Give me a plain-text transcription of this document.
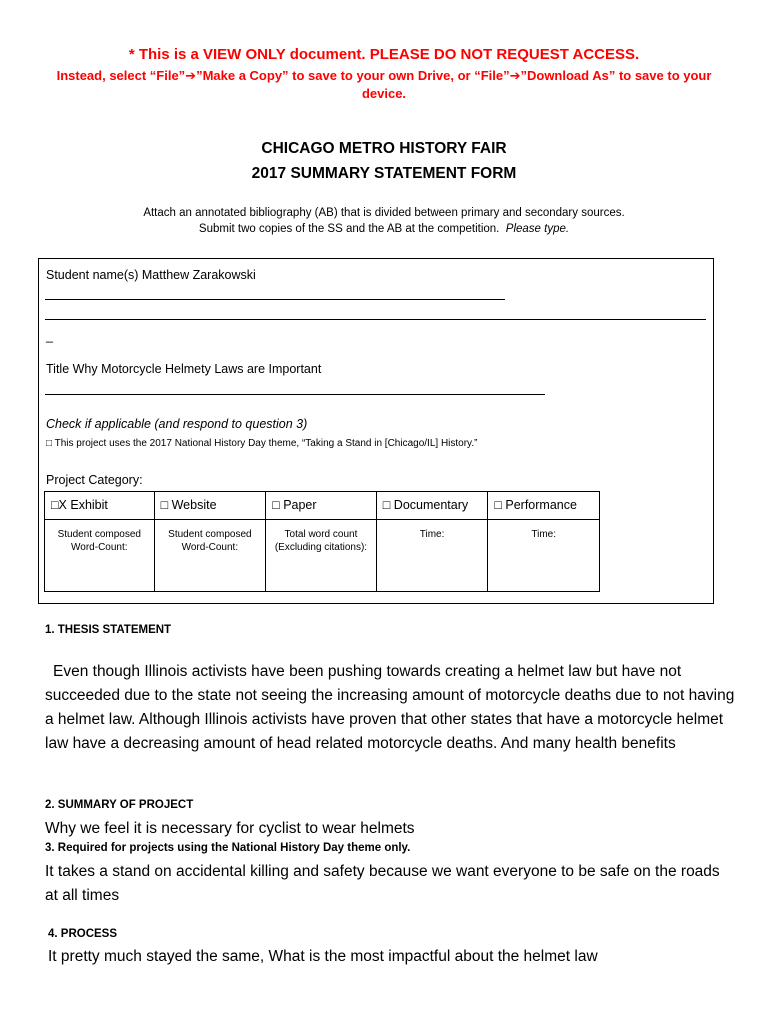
* This is a VIEW ONLY document. PLEASE DO NOT REQUEST ACCESS.
Instead, select “File”➔”Make a Copy” to save to your own Drive, or “File”➔”Download As” to save to your device.
CHICAGO METRO HISTORY FAIR
2017 SUMMARY STATEMENT FORM
Attach an annotated bibliography (AB) that is divided between primary and secondary sources.
Submit two copies of the SS and the AB at the competition. Please type.
Student name(s) Matthew Zarakowski
_
Title Why Motorcycle Helmety Laws are Important
Check if applicable (and respond to question 3)
□ This project uses the 2017 National History Day theme, “Taking a Stand in [Chicago/IL] History.”
Project Category:
□X Exhibit	□ Website	□ Paper	□ Documentary	□ Performance
Student composed Word-Count:	Student composed Word-Count:	Total word count (Excluding citations):	Time:	Time:
1. THESIS STATEMENT
Even though Illinois activists have been pushing towards creating a helmet law but have not succeeded due to the state not seeing the increasing amount of motorcycle deaths due to not having a helmet law. Although Illinois activists have proven that other states that have a motorcycle helmet law have a decreasing amount of head related motorcycle deaths. And many health benefits
2. SUMMARY OF PROJECT
Why we feel it is necessary for cyclist to wear helmets
3. Required for projects using the National History Day theme only.
It takes a stand on accidental killing and safety because we want everyone to be safe on the roads at all times
4. PROCESS
It pretty much stayed the same, What is the most impactful about the helmet law
